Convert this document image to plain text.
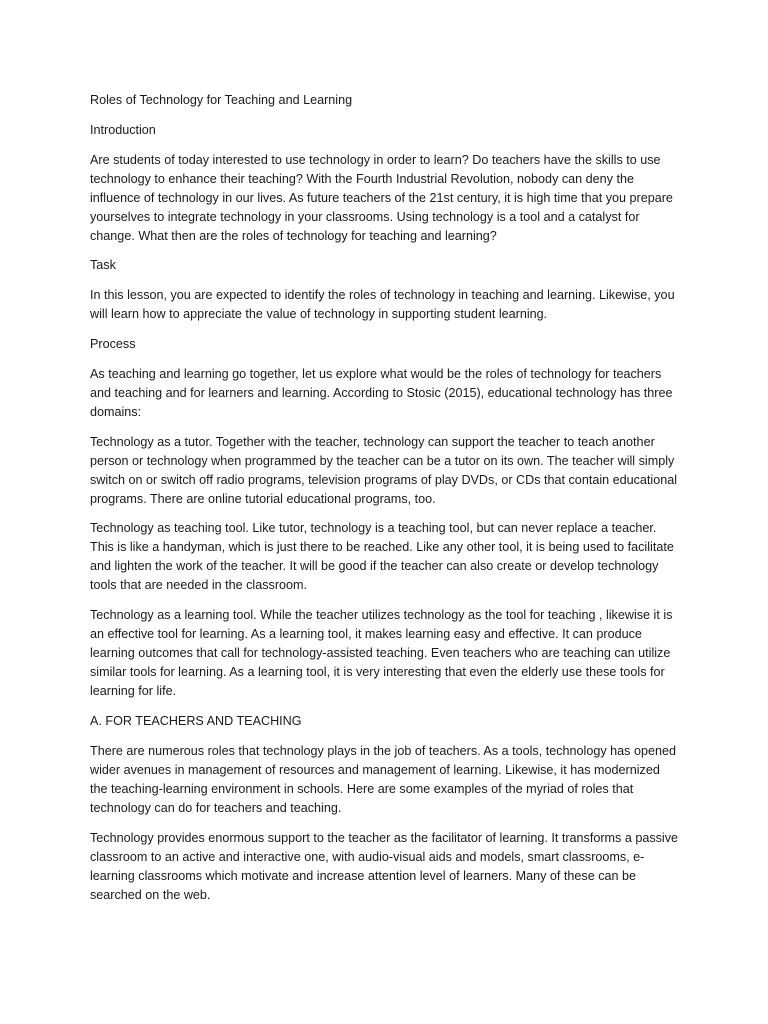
Roles of Technology for Teaching and Learning

Introduction

Are students of today interested to use technology in order to learn? Do teachers have the skills to use technology to enhance their teaching? With the Fourth Industrial Revolution, nobody can deny the influence of technology in our lives. As future teachers of the 21st century, it is high time that you prepare yourselves to integrate technology in your classrooms. Using technology is a tool and a catalyst for change. What then are the roles of technology for teaching and learning?

Task

In this lesson, you are expected to identify the roles of technology in teaching and learning. Likewise, you will learn how to appreciate the value of technology in supporting student learning.

Process

As teaching and learning go together, let us explore what would be the roles of technology for teachers and teaching and for learners and learning. According to Stosic (2015), educational technology has three domains:

Technology as a tutor. Together with the teacher, technology can support the teacher to teach another person or technology when programmed by the teacher can be a tutor on its own. The teacher will simply switch on or switch off radio programs, television programs of play DVDs, or CDs that contain educational programs. There are online tutorial educational programs, too.

Technology as teaching tool. Like tutor, technology is a teaching tool, but can never replace a teacher. This is like a handyman, which is just there to be reached. Like any other tool, it is being used to facilitate and lighten the work of the teacher. It will be good if the teacher can also create or develop technology tools that are needed in the classroom.

Technology as a learning tool. While the teacher utilizes technology as the tool for teaching , likewise it is an effective tool for learning. As a learning tool, it makes learning easy and effective. It can produce learning outcomes that call for technology-assisted teaching. Even teachers who are teaching can utilize similar tools for learning. As a learning tool, it is very interesting that even the elderly use these tools for learning for life.

A. FOR TEACHERS AND TEACHING

There are numerous roles that technology plays in the job of teachers. As a tools, technology has opened wider avenues in management of resources and management of learning. Likewise, it has modernized the teaching-learning environment in schools. Here are some examples of the myriad of roles that technology can do for teachers and teaching.

Technology provides enormous support to the teacher as the facilitator of learning. It transforms a passive classroom to an active and interactive one, with audio-visual aids and models, smart classrooms, e-learning classrooms which motivate and increase attention level of learners. Many of these can be searched on the web.
